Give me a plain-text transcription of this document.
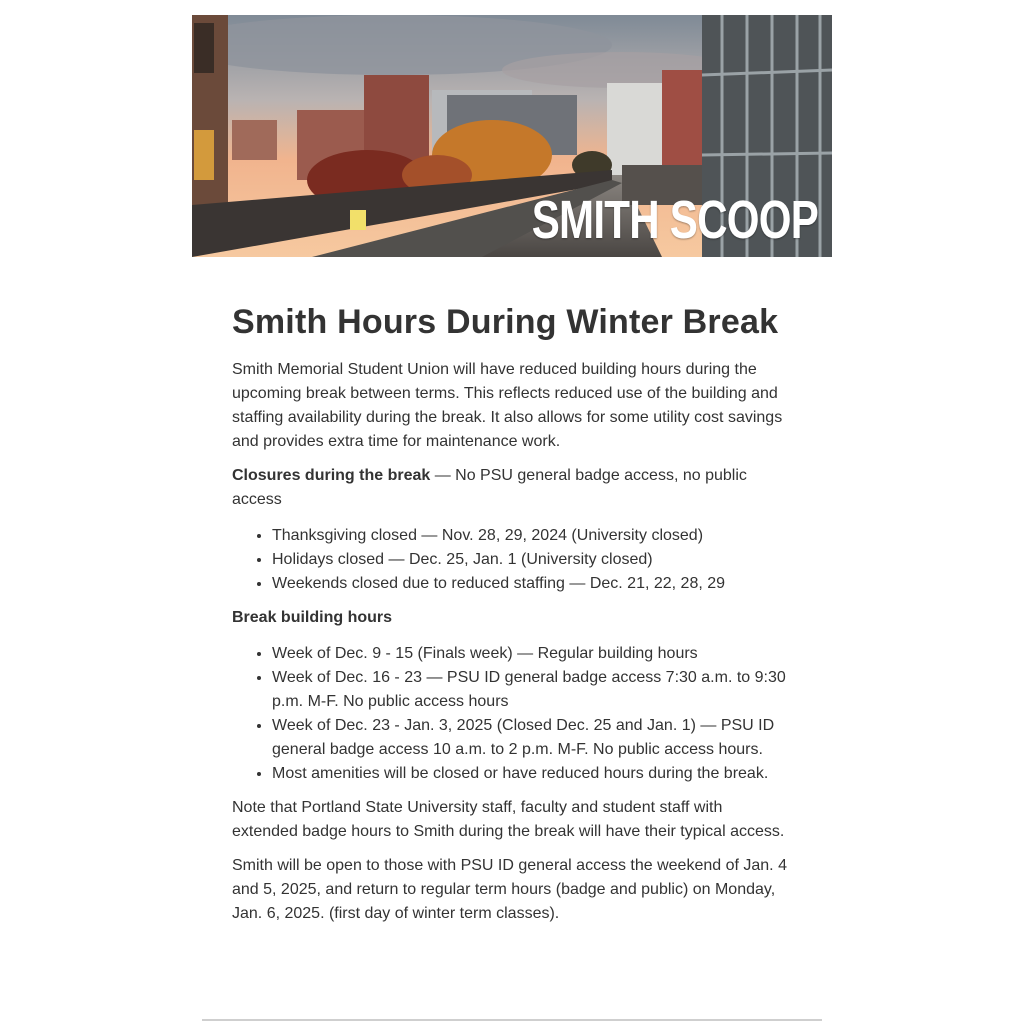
SMITH SCOOP
Smith Hours During Winter Break

Smith Memorial Student Union will have reduced building hours during the upcoming break between terms. This reflects reduced use of the building and staffing availability during the break. It also allows for some utility cost savings and provides extra time for maintenance work.

Closures during the break — No PSU general badge access, no public access

• Thanksgiving closed — Nov. 28, 29, 2024 (University closed)
• Holidays closed — Dec. 25, Jan. 1 (University closed)
• Weekends closed due to reduced staffing — Dec. 21, 22, 28, 29

Break building hours

• Week of Dec. 9 - 15 (Finals week) — Regular building hours
• Week of Dec. 16 - 23 — PSU ID general badge access 7:30 a.m. to 9:30 p.m. M-F. No public access hours
• Week of Dec. 23 - Jan. 3, 2025 (Closed Dec. 25 and Jan. 1) — PSU ID general badge access 10 a.m. to 2 p.m. M-F. No public access hours.
• Most amenities will be closed or have reduced hours during the break.

Note that Portland State University staff, faculty and student staff with extended badge hours to Smith during the break will have their typical access.

Smith will be open to those with PSU ID general access the weekend of Jan. 4 and 5, 2025, and return to regular term hours (badge and public) on Monday, Jan. 6, 2025. (first day of winter term classes).
